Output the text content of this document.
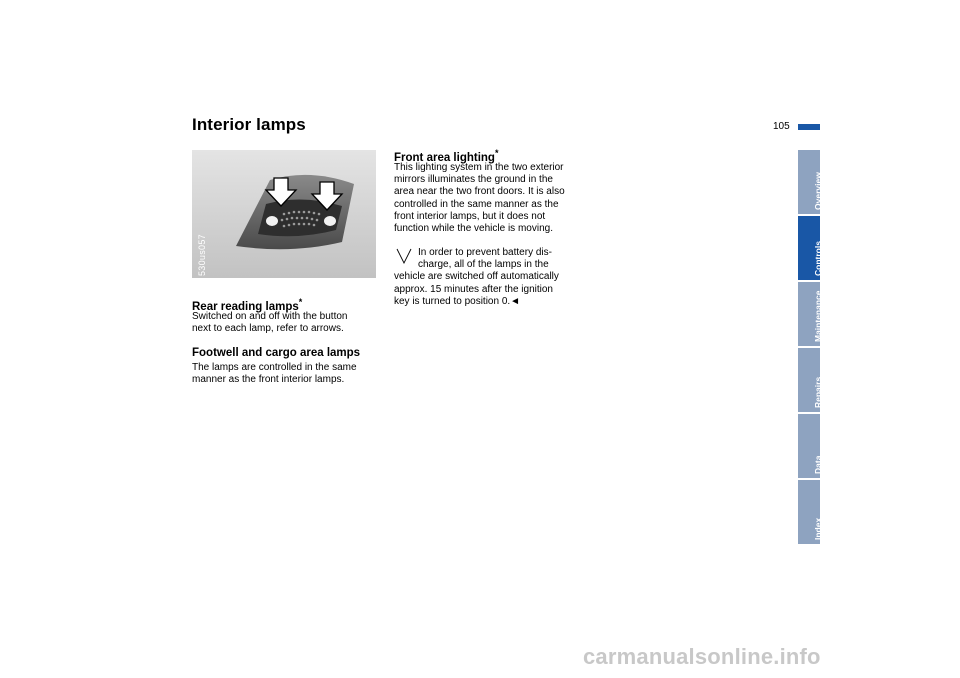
Interior lamps	105
530us057
Rear reading lamps*

Switched on and off with the button
next to each lamp, refer to arrows.

Footwell and cargo area lamps

The lamps are controlled in the same
manner as the front interior lamps.

Front area lighting*

This lighting system in the two exterior
mirrors illuminates the ground in the
area near the two front doors. It is also
controlled in the same manner as the
front interior lamps, but it does not
function while the vehicle is moving.

In order to prevent battery dis-
charge, all of the lamps in the
vehicle are switched off automatically
approx. 15 minutes after the ignition
key is turned to position 0.◄

Overview
Controls
Maintenance
Repairs
Data
Index
carmanualsonline.info
